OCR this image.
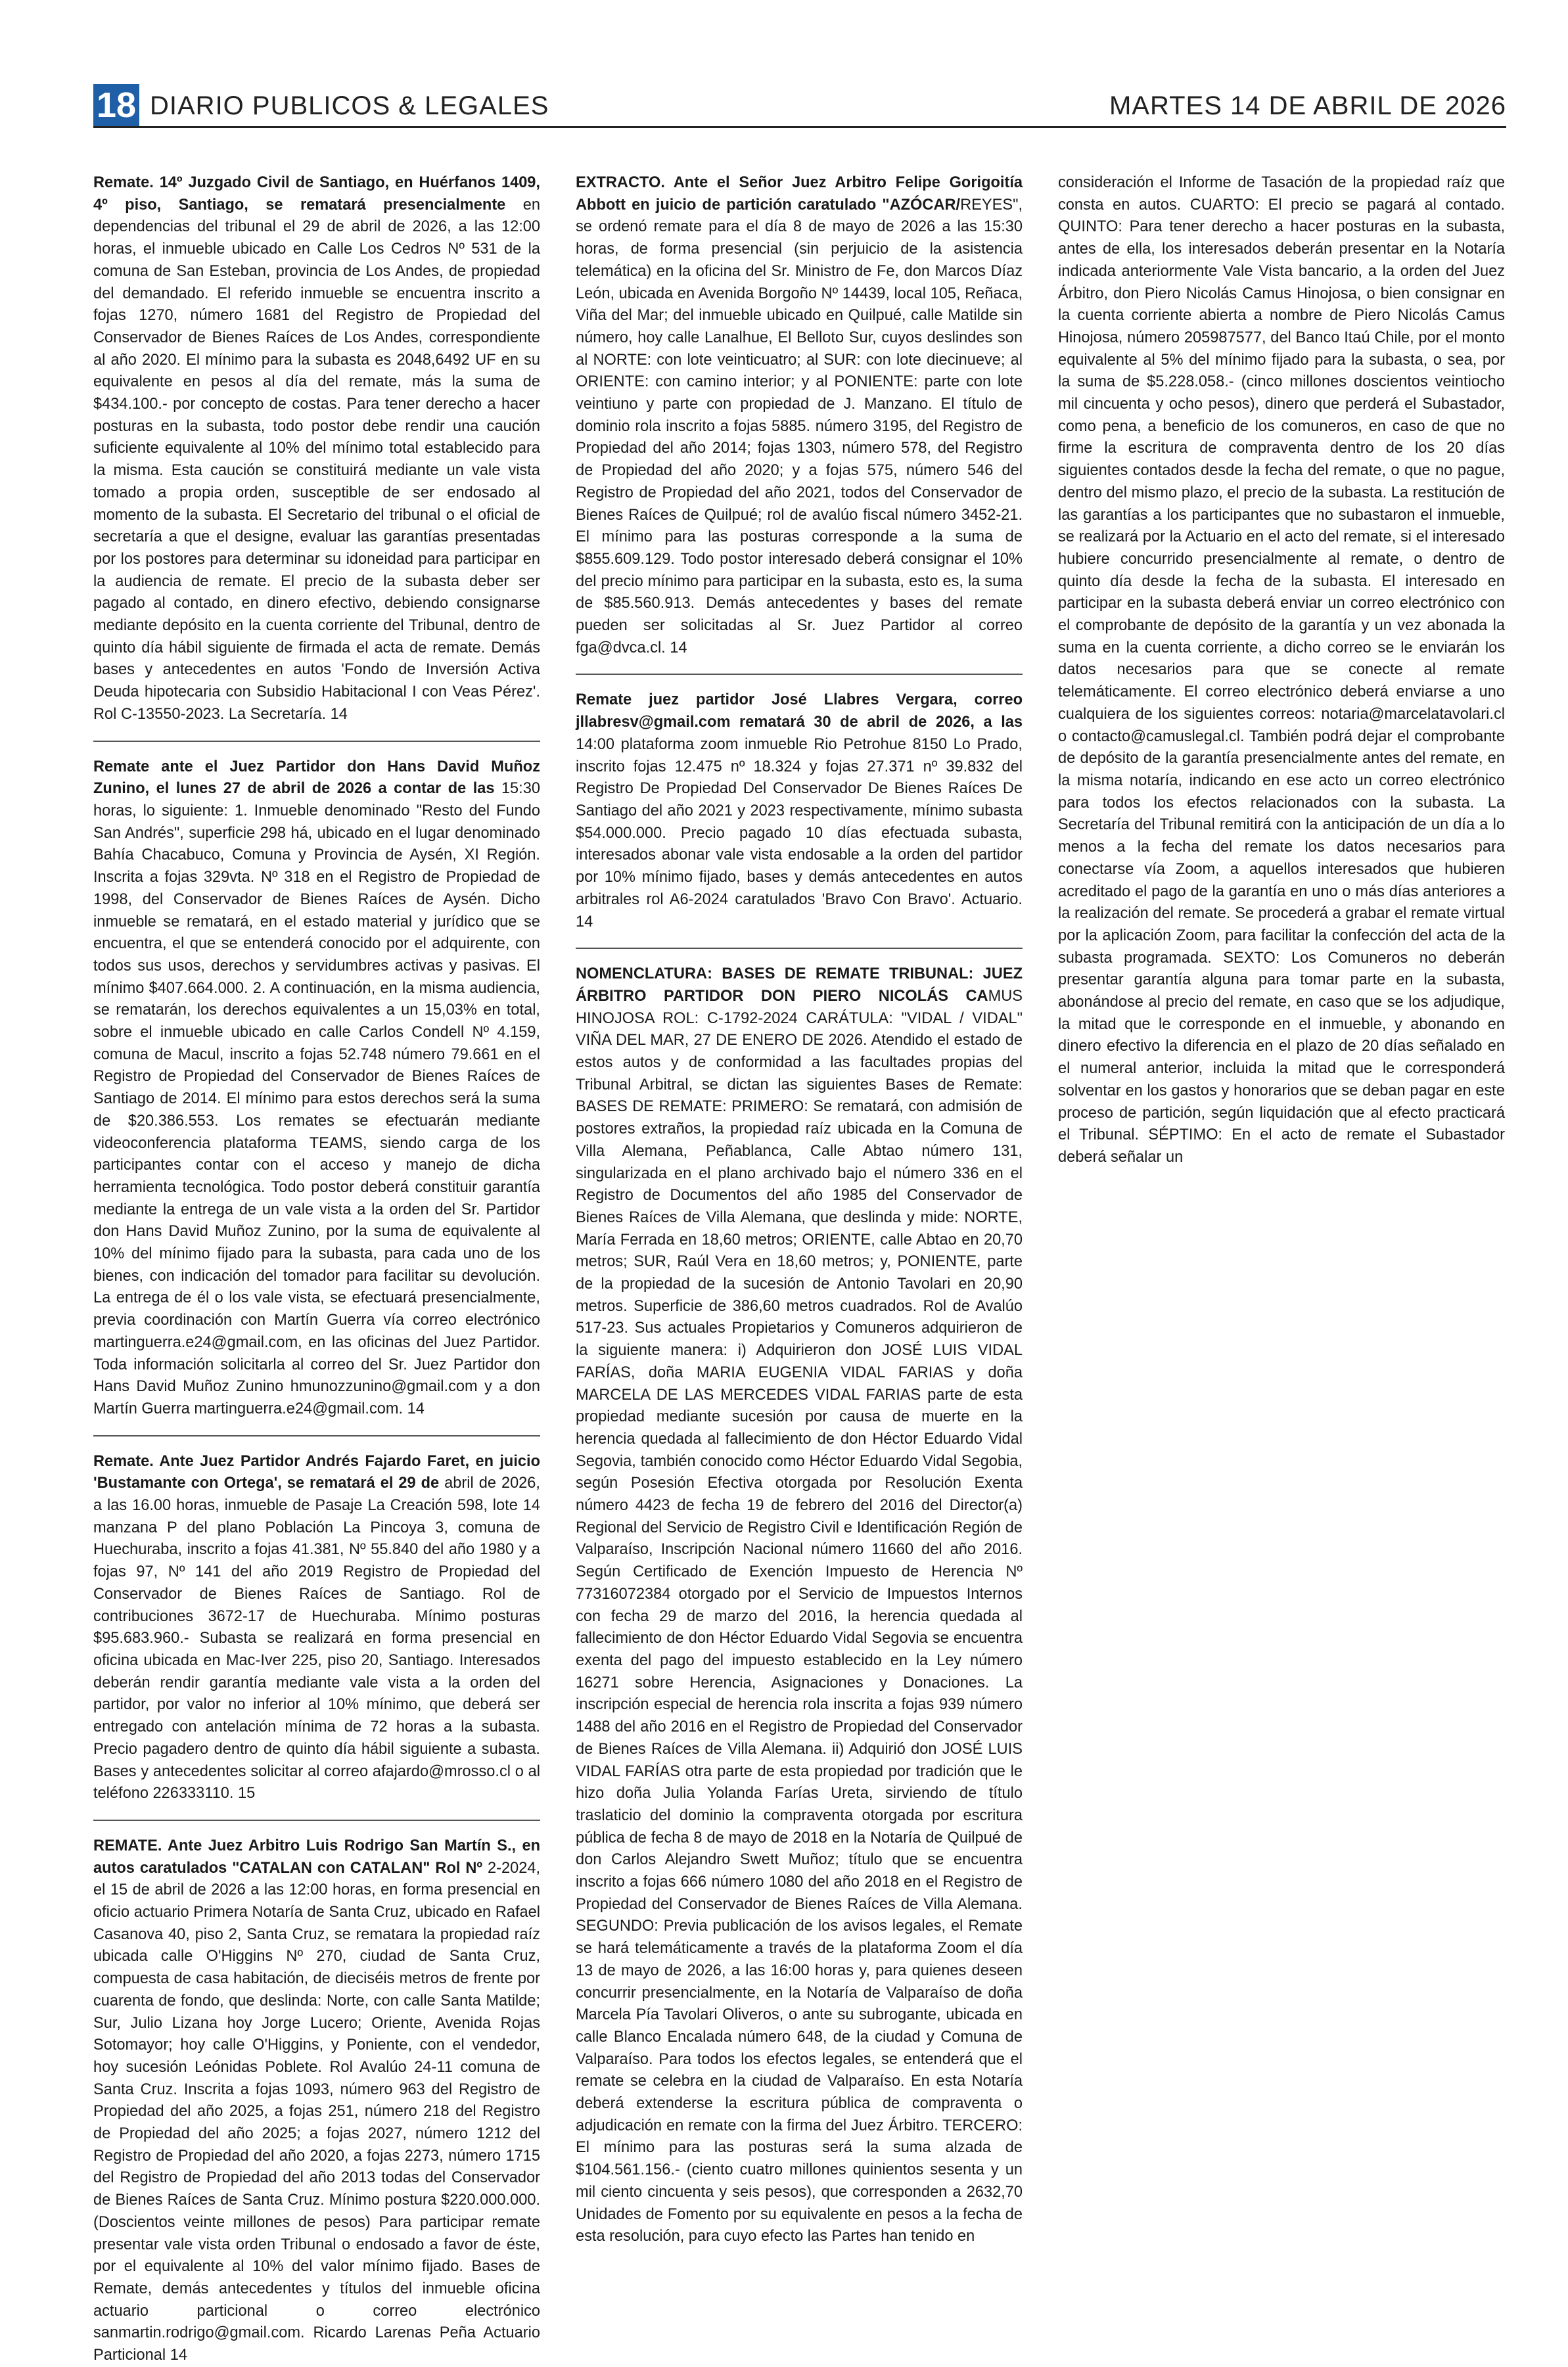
18 DIARIO PUBLICOS & LEGALES	MARTES 14 DE ABRIL DE 2026

Remate. 14º Juzgado Civil de Santiago, en Huérfanos 1409, 4º piso, Santiago, se rematará presencialmente en dependencias del tribunal el 29 de abril de 2026, a las 12:00 horas, el inmueble ubicado en Calle Los Cedros Nº 531 de la comuna de San Esteban, provincia de Los Andes, de propiedad del demandado. El referido inmueble se encuentra inscrito a fojas 1270, número 1681 del Registro de Propiedad del Conservador de Bienes Raíces de Los Andes, correspondiente al año 2020. El mínimo para la subasta es 2048,6492 UF en su equivalente en pesos al día del remate, más la suma de $434.100.- por concepto de costas. Para tener derecho a hacer posturas en la subasta, todo postor debe rendir una caución suficiente equivalente al 10% del mínimo total establecido para la misma. Esta caución se constituirá mediante un vale vista tomado a propia orden, susceptible de ser endosado al momento de la subasta. El Secretario del tribunal o el oficial de secretaría a que el designe, evaluar las garantías presentadas por los postores para determinar su idoneidad para participar en la audiencia de remate. El precio de la subasta deber ser pagado al contado, en dinero efectivo, debiendo consignarse mediante depósito en la cuenta corriente del Tribunal, dentro de quinto día hábil siguiente de firmada el acta de remate. Demás bases y antecedentes en autos 'Fondo de Inversión Activa Deuda hipotecaria con Subsidio Habitacional I con Veas Pérez'. Rol C-13550-2023. La Secretaría. 14

Remate ante el Juez Partidor don Hans David Muñoz Zunino, el lunes 27 de abril de 2026 a contar de las 15:30 horas, lo siguiente: 1. Inmueble denominado "Resto del Fundo San Andrés", superficie 298 há, ubicado en el lugar denominado Bahía Chacabuco, Comuna y Provincia de Aysén, XI Región. Inscrita a fojas 329vta. Nº 318 en el Registro de Propiedad de 1998, del Conservador de Bienes Raíces de Aysén. Dicho inmueble se rematará, en el estado material y jurídico que se encuentra, el que se entenderá conocido por el adquirente, con todos sus usos, derechos y servidumbres activas y pasivas. El mínimo $407.664.000. 2. A continuación, en la misma audiencia, se rematarán, los derechos equivalentes a un 15,03% en total, sobre el inmueble ubicado en calle Carlos Condell Nº 4.159, comuna de Macul, inscrito a fojas 52.748 número 79.661 en el Registro de Propiedad del Conservador de Bienes Raíces de Santiago de 2014. El mínimo para estos derechos será la suma de $20.386.553. Los remates se efectuarán mediante videoconferencia plataforma TEAMS, siendo carga de los participantes contar con el acceso y manejo de dicha herramienta tecnológica. Todo postor deberá constituir garantía mediante la entrega de un vale vista a la orden del Sr. Partidor don Hans David Muñoz Zunino, por la suma de equivalente al 10% del mínimo fijado para la subasta, para cada uno de los bienes, con indicación del tomador para facilitar su devolución. La entrega de él o los vale vista, se efectuará presencialmente, previa coordinación con Martín Guerra vía correo electrónico martinguerra.e24@gmail.com, en las oficinas del Juez Partidor. Toda información solicitarla al correo del Sr. Juez Partidor don Hans David Muñoz Zunino hmunozzunino@gmail.com y a don Martín Guerra martinguerra.e24@gmail.com. 14

Remate. Ante Juez Partidor Andrés Fajardo Faret, en juicio 'Bustamante con Ortega', se rematará el 29 de abril de 2026, a las 16.00 horas, inmueble de Pasaje La Creación 598, lote 14 manzana P del plano Población La Pincoya 3, comuna de Huechuraba, inscrito a fojas 41.381, Nº 55.840 del año 1980 y a fojas 97, Nº 141 del año 2019 Registro de Propiedad del Conservador de Bienes Raíces de Santiago. Rol de contribuciones 3672-17 de Huechuraba. Mínimo posturas $95.683.960.- Subasta se realizará en forma presencial en oficina ubicada en Mac-Iver 225, piso 20, Santiago. Interesados deberán rendir garantía mediante vale vista a la orden del partidor, por valor no inferior al 10% mínimo, que deberá ser entregado con antelación mínima de 72 horas a la subasta. Precio pagadero dentro de quinto día hábil siguiente a subasta. Bases y antecedentes solicitar al correo afajardo@mrosso.cl o al teléfono 226333110. 15

REMATE. Ante Juez Arbitro Luis Rodrigo San Martín S., en autos caratulados "CATALAN con CATALAN" Rol Nº 2-2024, el 15 de abril de 2026 a las 12:00 horas, en forma presencial en oficio actuario Primera Notaría de Santa Cruz, ubicado en Rafael Casanova 40, piso 2, Santa Cruz, se rematara la propiedad raíz ubicada calle O'Higgins Nº 270, ciudad de Santa Cruz, compuesta de casa habitación, de dieciséis metros de frente por cuarenta de fondo, que deslinda: Norte, con calle Santa Matilde; Sur, Julio Lizana hoy Jorge Lucero; Oriente, Avenida Rojas Sotomayor; hoy calle O'Higgins, y Poniente, con el vendedor, hoy sucesión Leónidas Poblete. Rol Avalúo 24-11 comuna de Santa Cruz. Inscrita a fojas 1093, número 963 del Registro de Propiedad del año 2025, a fojas 251, número 218 del Registro de Propiedad del año 2025; a fojas 2027, número 1212 del Registro de Propiedad del año 2020, a fojas 2273, número 1715 del Registro de Propiedad del año 2013 todas del Conservador de Bienes Raíces de Santa Cruz. Mínimo postura $220.000.000. (Doscientos veinte millones de pesos) Para participar remate presentar vale vista orden Tribunal o endosado a favor de éste, por el equivalente al 10% del valor mínimo fijado. Bases de Remate, demás antecedentes y títulos del inmueble oficina actuario particional o correo electrónico sanmartin.rodrigo@gmail.com. Ricardo Larenas Peña Actuario Particional 14

EXTRACTO. Ante el Señor Juez Arbitro Felipe Gorigoitía Abbott en juicio de partición caratulado "AZÓCAR/REYES", se ordenó remate para el día 8 de mayo de 2026 a las 15:30 horas, de forma presencial (sin perjuicio de la asistencia telemática) en la oficina del Sr. Ministro de Fe, don Marcos Díaz León, ubicada en Avenida Borgoño Nº 14439, local 105, Reñaca, Viña del Mar; del inmueble ubicado en Quilpué, calle Matilde sin número, hoy calle Lanalhue, El Belloto Sur, cuyos deslindes son al NORTE: con lote veinticuatro; al SUR: con lote diecinueve; al ORIENTE: con camino interior; y al PONIENTE: parte con lote veintiuno y parte con propiedad de J. Manzano. El título de dominio rola inscrito a fojas 5885. número 3195, del Registro de Propiedad del año 2014; fojas 1303, número 578, del Registro de Propiedad del año 2020; y a fojas 575, número 546 del Registro de Propiedad del año 2021, todos del Conservador de Bienes Raíces de Quilpué; rol de avalúo fiscal número 3452-21. El mínimo para las posturas corresponde a la suma de $855.609.129. Todo postor interesado deberá consignar el 10% del precio mínimo para participar en la subasta, esto es, la suma de $85.560.913. Demás antecedentes y bases del remate pueden ser solicitadas al Sr. Juez Partidor al correo fga@dvca.cl. 14

Remate juez partidor José Llabres Vergara, correo jllabresv@gmail.com rematará 30 de abril de 2026, a las 14:00 plataforma zoom inmueble Rio Petrohue 8150 Lo Prado, inscrito fojas 12.475 nº 18.324 y fojas 27.371 nº 39.832 del Registro De Propiedad Del Conservador De Bienes Raíces De Santiago del año 2021 y 2023 respectivamente, mínimo subasta $54.000.000. Precio pagado 10 días efectuada subasta, interesados abonar vale vista endosable a la orden del partidor por 10% mínimo fijado, bases y demás antecedentes en autos arbitrales rol A6-2024 caratulados 'Bravo Con Bravo'. Actuario. 14

NOMENCLATURA: BASES DE REMATE TRIBUNAL: JUEZ ÁRBITRO PARTIDOR DON PIERO NICOLÁS CAMUS HINOJOSA ROL: C-1792-2024 CARÁTULA: "VIDAL / VIDAL" VIÑA DEL MAR, 27 DE ENERO DE 2026. Atendido el estado de estos autos y de conformidad a las facultades propias del Tribunal Arbitral, se dictan las siguientes Bases de Remate: BASES DE REMATE: PRIMERO: Se rematará, con admisión de postores extraños, la propiedad raíz ubicada en la Comuna de Villa Alemana, Peñablanca, Calle Abtao número 131, singularizada en el plano archivado bajo el número 336 en el Registro de Documentos del año 1985 del Conservador de Bienes Raíces de Villa Alemana, que deslinda y mide: NORTE, María Ferrada en 18,60 metros; ORIENTE, calle Abtao en 20,70 metros; SUR, Raúl Vera en 18,60 metros; y, PONIENTE, parte de la propiedad de la sucesión de Antonio Tavolari en 20,90 metros. Superficie de 386,60 metros cuadrados. Rol de Avalúo 517-23. Sus actuales Propietarios y Comuneros adquirieron de la siguiente manera: i) Adquirieron don JOSÉ LUIS VIDAL FARÍAS, doña MARIA EUGENIA VIDAL FARIAS y doña MARCELA DE LAS MERCEDES VIDAL FARIAS parte de esta propiedad mediante sucesión por causa de muerte en la herencia quedada al fallecimiento de don Héctor Eduardo Vidal Segovia, también conocido como Héctor Eduardo Vidal Segobia, según Posesión Efectiva otorgada por Resolución Exenta número 4423 de fecha 19 de febrero del 2016 del Director(a) Regional del Servicio de Registro Civil e Identificación Región de Valparaíso, Inscripción Nacional número 11660 del año 2016. Según Certificado de Exención Impuesto de Herencia Nº 77316072384 otorgado por el Servicio de Impuestos Internos con fecha 29 de marzo del 2016, la herencia quedada al fallecimiento de don Héctor Eduardo Vidal Segovia se encuentra exenta del pago del impuesto establecido en la Ley número 16271 sobre Herencia, Asignaciones y Donaciones. La inscripción especial de herencia rola inscrita a fojas 939 número 1488 del año 2016 en el Registro de Propiedad del Conservador de Bienes Raíces de Villa Alemana. ii) Adquirió don JOSÉ LUIS VIDAL FARÍAS otra parte de esta propiedad por tradición que le hizo doña Julia Yolanda Farías Ureta, sirviendo de título traslaticio del dominio la compraventa otorgada por escritura pública de fecha 8 de mayo de 2018 en la Notaría de Quilpué de don Carlos Alejandro Swett Muñoz; título que se encuentra inscrito a fojas 666 número 1080 del año 2018 en el Registro de Propiedad del Conservador de Bienes Raíces de Villa Alemana. SEGUNDO: Previa publicación de los avisos legales, el Remate se hará telemáticamente a través de la plataforma Zoom el día 13 de mayo de 2026, a las 16:00 horas y, para quienes deseen concurrir presencialmente, en la Notaría de Valparaíso de doña Marcela Pía Tavolari Oliveros, o ante su subrogante, ubicada en calle Blanco Encalada número 648, de la ciudad y Comuna de Valparaíso. Para todos los efectos legales, se entenderá que el remate se celebra en la ciudad de Valparaíso. En esta Notaría deberá extenderse la escritura pública de compraventa o adjudicación en remate con la firma del Juez Árbitro. TERCERO: El mínimo para las posturas será la suma alzada de $104.561.156.- (ciento cuatro millones quinientos sesenta y un mil ciento cincuenta y seis pesos), que corresponden a 2632,70 Unidades de Fomento por su equivalente en pesos a la fecha de esta resolución, para cuyo efecto las Partes han tenido en

consideración el Informe de Tasación de la propiedad raíz que consta en autos. CUARTO: El precio se pagará al contado. QUINTO: Para tener derecho a hacer posturas en la subasta, antes de ella, los interesados deberán presentar en la Notaría indicada anteriormente Vale Vista bancario, a la orden del Juez Árbitro, don Piero Nicolás Camus Hinojosa, o bien consignar en la cuenta corriente abierta a nombre de Piero Nicolás Camus Hinojosa, número 205987577, del Banco Itaú Chile, por el monto equivalente al 5% del mínimo fijado para la subasta, o sea, por la suma de $5.228.058.- (cinco millones doscientos veintiocho mil cincuenta y ocho pesos), dinero que perderá el Subastador, como pena, a beneficio de los comuneros, en caso de que no firme la escritura de compraventa dentro de los 20 días siguientes contados desde la fecha del remate, o que no pague, dentro del mismo plazo, el precio de la subasta. La restitución de las garantías a los participantes que no subastaron el inmueble, se realizará por la Actuario en el acto del remate, si el interesado hubiere concurrido presencialmente al remate, o dentro de quinto día desde la fecha de la subasta. El interesado en participar en la subasta deberá enviar un correo electrónico con el comprobante de depósito de la garantía y un vez abonada la suma en la cuenta corriente, a dicho correo se le enviarán los datos necesarios para que se conecte al remate telemáticamente. El correo electrónico deberá enviarse a uno cualquiera de los siguientes correos: notaria@marcelatavolari.cl o contacto@camuslegal.cl. También podrá dejar el comprobante de depósito de la garantía presencialmente antes del remate, en la misma notaría, indicando en ese acto un correo electrónico para todos los efectos relacionados con la subasta. La Secretaría del Tribunal remitirá con la anticipación de un día a lo menos a la fecha del remate los datos necesarios para conectarse vía Zoom, a aquellos interesados que hubieren acreditado el pago de la garantía en uno o más días anteriores a la realización del remate. Se procederá a grabar el remate virtual por la aplicación Zoom, para facilitar la confección del acta de la subasta programada. SEXTO: Los Comuneros no deberán presentar garantía alguna para tomar parte en la subasta, abonándose al precio del remate, en caso que se los adjudique, la mitad que le corresponde en el inmueble, y abonando en dinero efectivo la diferencia en el plazo de 20 días señalado en el numeral anterior, incluida la mitad que le corresponderá solventar en los gastos y honorarios que se deban pagar en este proceso de partición, según liquidación que al efecto practicará el Tribunal. SÉPTIMO: En el acto de remate el Subastador deberá señalar un
